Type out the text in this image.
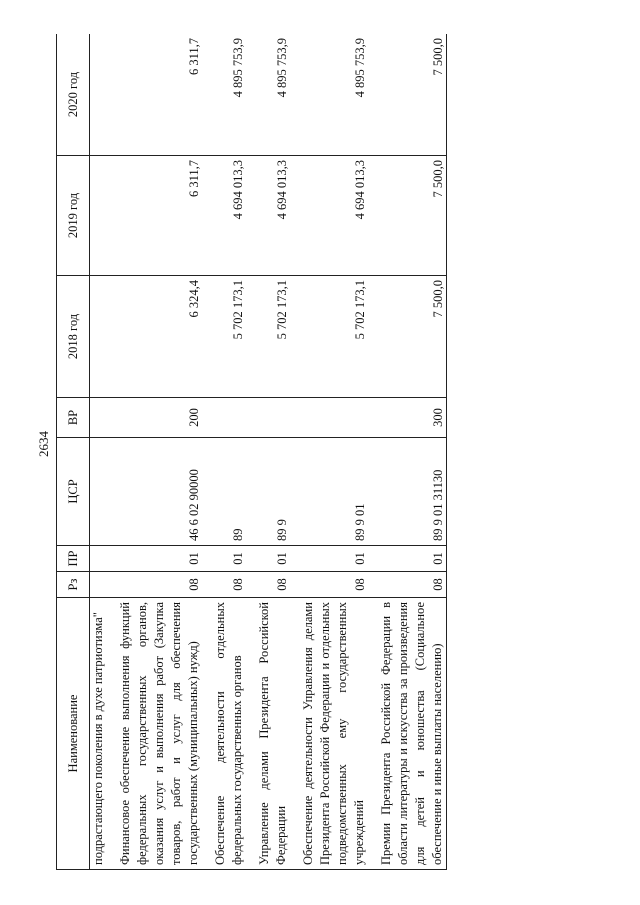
2634
Наименование	Рз	ПР	ЦСР	ВР	2018 год	2019 год	2020 год
подрастающего поколения в духе патриотизма"							

Финансовое обеспечение выполнения функций федеральных государственных органов, оказания услуг и выполнения работ (Закупка товаров, работ и услуг для обеспечения государственных (муниципальных) нужд)	08	01	46 6 02 90000	200	6 324,4	6 311,7	6 311,7

Обеспечение деятельности отдельных федеральных государственных органов	08	01	89		5 702 173,1	4 694 013,3	4 895 753,9

Управление делами Президента Российской Федерации	08	01	89 9		5 702 173,1	4 694 013,3	4 895 753,9

Обеспечение деятельности Управления делами Президента Российской Федерации и отдельных подведомственных ему государственных учреждений	08	01	89 9 01		5 702 173,1	4 694 013,3	4 895 753,9

Премии Президента Российской Федерации в области литературы и искусства за произведения для детей и юношества (Социальное обеспечение и иные выплаты населению)	08	01	89 9 01 31130	300	7 500,0	7 500,0	7 500,0
